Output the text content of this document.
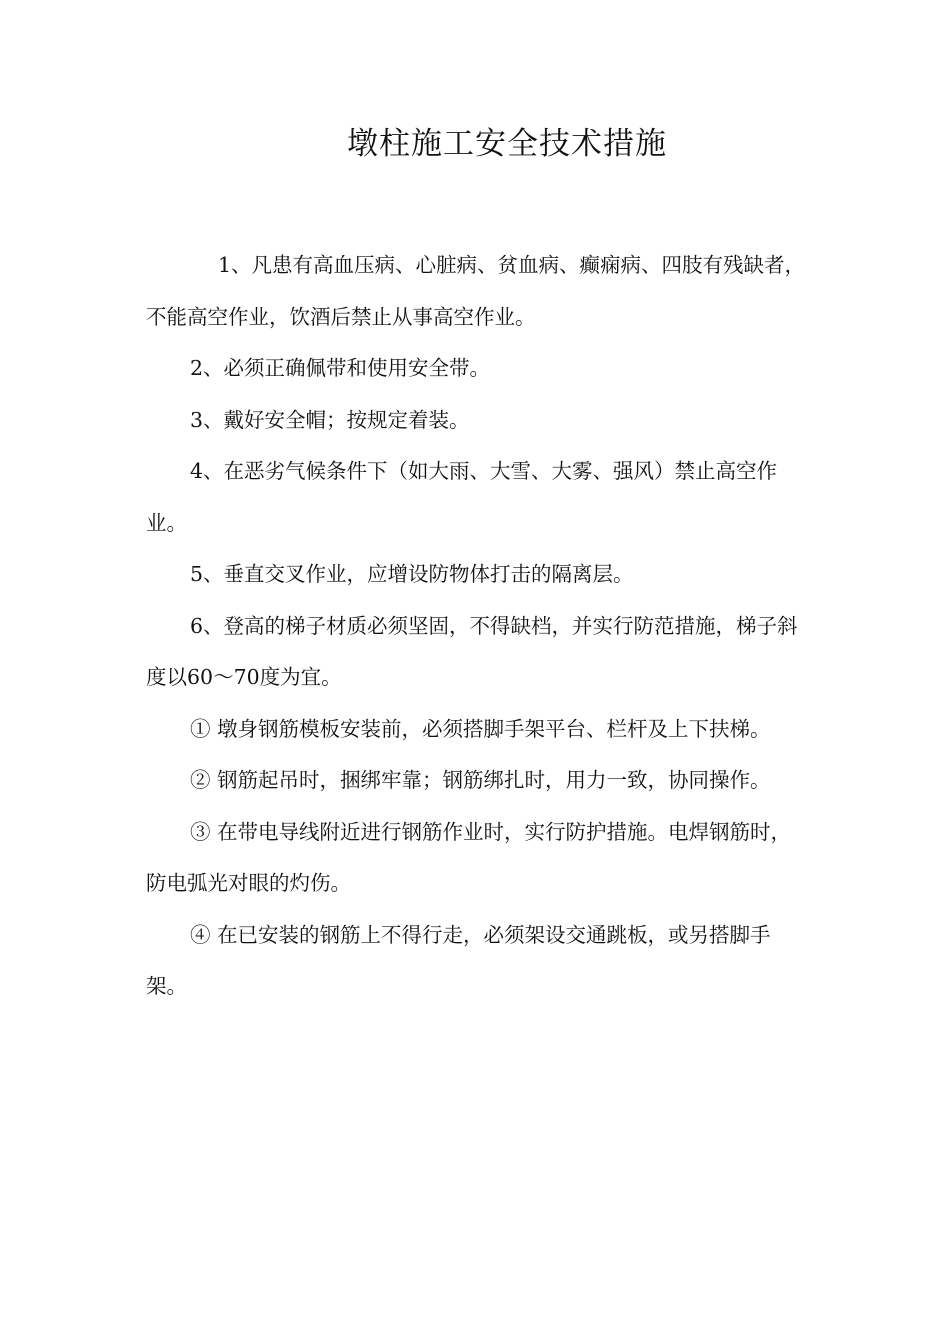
墩柱施工安全技术措施

1、凡患有高血压病、心脏病、贫血病、癫痫病、四肢有残缺者，不能高空作业，饮酒后禁止从事高空作业。

2、必须正确佩带和使用安全带。

3、戴好安全帽；按规定着装。

4、在恶劣气候条件下（如大雨、大雪、大雾、强风）禁止高空作业。

5、垂直交叉作业，应增设防物体打击的隔离层。

6、登高的梯子材质必须坚固，不得缺档，并实行防范措施，梯子斜度以60～70度为宜。

① 墩身钢筋模板安装前，必须搭脚手架平台、栏杆及上下扶梯。

② 钢筋起吊时，捆绑牢靠；钢筋绑扎时，用力一致，协同操作。

③ 在带电导线附近进行钢筋作业时，实行防护措施。电焊钢筋时，防电弧光对眼的灼伤。

④ 在已安装的钢筋上不得行走，必须架设交通跳板，或另搭脚手架。
